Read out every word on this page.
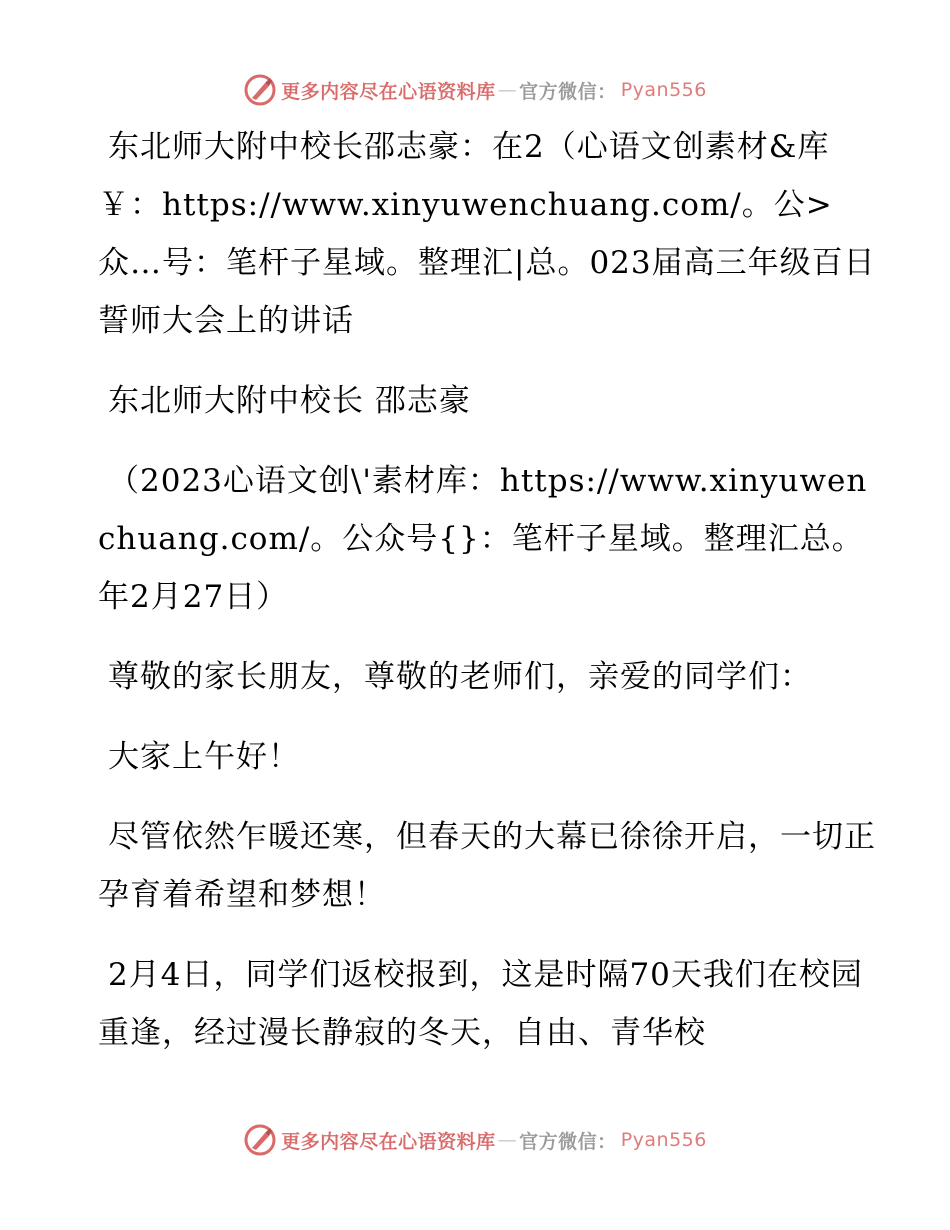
更多内容尽在心语资料库 — 官方微信： Pyan556

东北师大附中校长邵志豪：在2（心语文创素材&库￥：https://www.xinyuwenchuang.com/。公>众…号：笔杆子星域。整理汇|总。023届高三年级百日誓师大会上的讲话

东北师大附中校长 邵志豪

（2023心语文创\'素材库：https://www.xinyuwenchuang.com/。公众号{}：笔杆子星域。整理汇总。年2月27日）

尊敬的家长朋友，尊敬的老师们，亲爱的同学们：

大家上午好！

尽管依然乍暖还寒，但春天的大幕已徐徐开启，一切正孕育着希望和梦想！

2月4日，同学们返校报到，这是时隔70天我们在校园重逢，经过漫长静寂的冬天，自由、青华校

更多内容尽在心语资料库 — 官方微信： Pyan556
